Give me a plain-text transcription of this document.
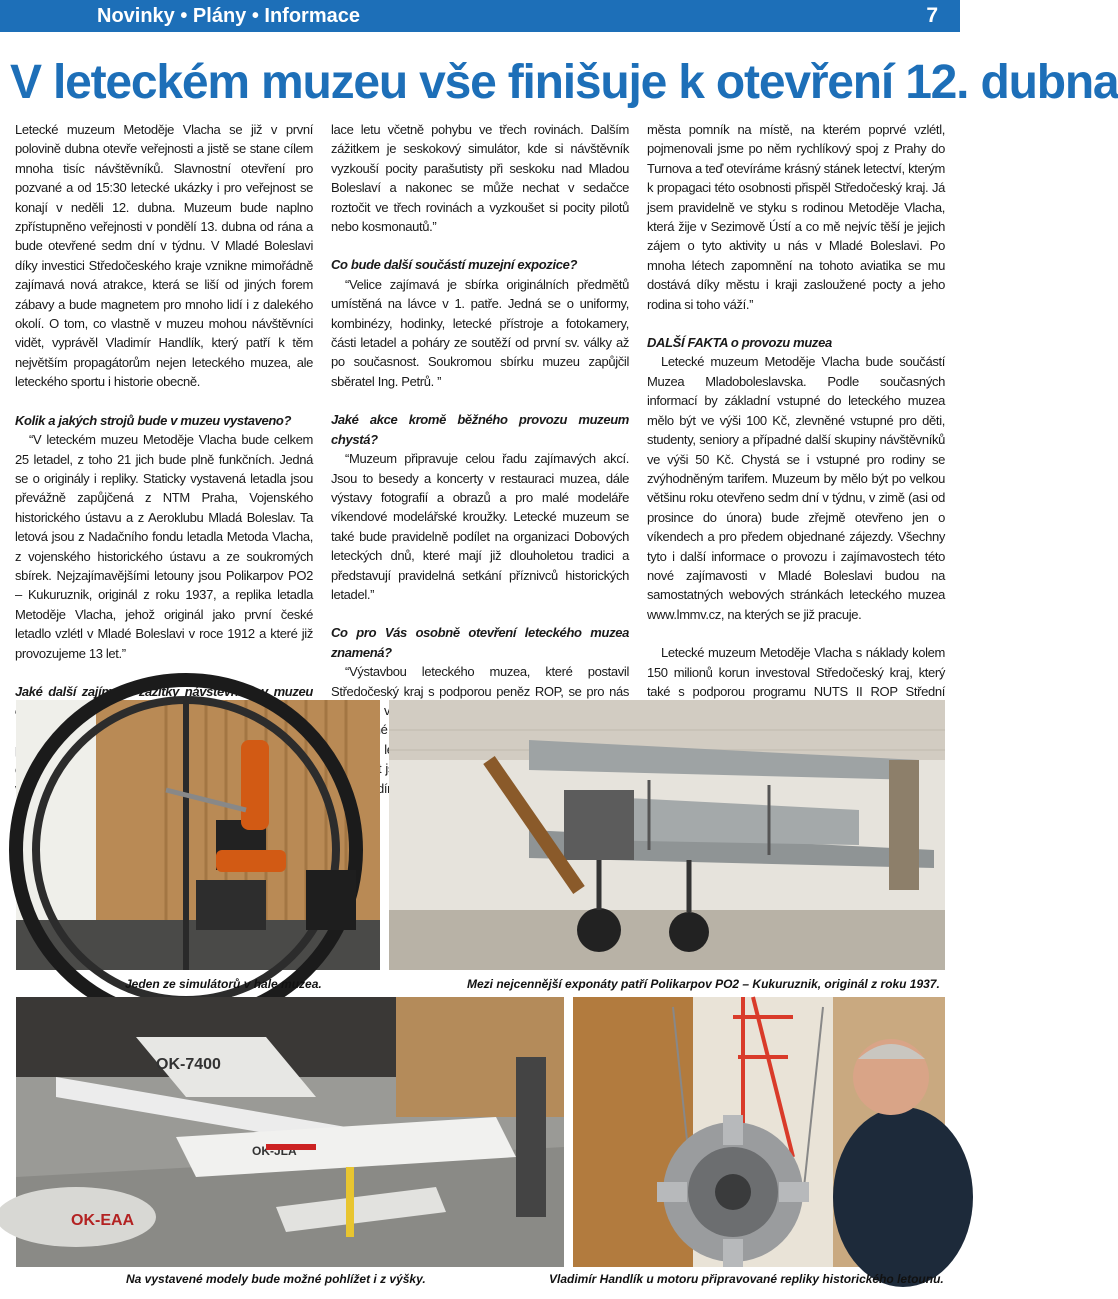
Novinky • Plány • Informace	7
V leteckém muzeu vše finišuje k otevření 12. dubna

Letecké muzeum Metoděje Vlacha se již v první polovině dubna otevře veřejnosti a jistě se stane cílem mnoha tisíc návštěvníků. Slavnostní otevření pro pozvané a od 15:30 letecké ukázky i pro veřejnost se konají v neděli 12. dubna. Muzeum bude naplno zpřístupněno veřejnosti v pondělí 13. dubna od rána a bude otevřené sedm dní v týdnu. V Mladé Boleslavi díky investici Středočeského kraje vznikne mimořádně zajímavá nová atrakce, která se liší od jiných forem zábavy a bude magnetem pro mnoho lidí i z dalekého okolí. O tom, co vlastně v muzeu mohou návštěvníci vidět, vyprávěl Vladimír Handlík, který patří k těm největším propagátorům nejen leteckého muzea, ale leteckého sportu i historie obecně.

Kolik a jakých strojů bude v muzeu vystaveno?

“V leteckém muzeu Metoděje Vlacha bude celkem 25 letadel, z toho 21 jich bude plně funkčních. Jedná se o originály i repliky. Staticky vystavená letadla jsou převážně zapůjčená z NTM Praha, Vojenského historického ústavu a z Aeroklubu Mladá Boleslav. Ta letová jsou z Nadačního fondu letadla Metoda Vlacha, z vojenského historického ústavu a ze soukromých sbírek. Nejzajímavějšími letouny jsou Polikarpov PO2 – Kukuruznik, originál z roku 1937, a replika letadla Metoděje Vlacha, jehož originál jako první české letadlo vzlétl v Mladé Boleslavi v roce 1912 a které již provozujeme 13 let.”

Jaké další zajímavé zážitky návštěvníky v muzeu

lace letu včetně pohybu ve třech rovinách. Dalším zážitkem je seskokový simulátor, kde si návštěvník vyzkouší pocity parašutisty při seskoku nad Mladou Boleslaví a nakonec se může nechat v sedačce roztočit ve třech rovinách a vyzkoušet si pocity pilotů nebo kosmonautů.”

Co bude další součástí muzejní expozice?

“Velice zajímavá je sbírka originálních předmětů umístěná na lávce v 1. patře. Jedná se o uniformy, kombinézy, hodinky, letecké přístroje a fotokamery, části letadel a poháry ze soutěží od první sv. války až po současnost. Soukromou sbírku muzeu zapůjčil sběratel Ing. Petrů. ”

Jaké akce kromě běžného provozu muzeum chystá?

“Muzeum připravuje celou řadu zajímavých akcí. Jsou to besedy a koncerty v restauraci muzea, dále výstavy fotografií a obrazů a pro malé modeláře víkendové modelářské kroužky. Letecké muzeum se také bude pravidelně podílet na organizaci Dobových leteckých dnů, které mají již dlouholetou tradici a představují pravidelná setkání příznivců historických letadel.”

Co pro Vás osobně otevření leteckého muzea znamená?

“Výstavbou leteckého muzea, které postavil Středočeský kraj s podporou peněz ROP, se pro nás

města pomník na místě, na kterém poprvé vzlétl, pojmenovali jsme po něm rychlíkový spoj z Prahy do Turnova a teď otevíráme krásný stánek letectví, kterým k propagaci této osobnosti přispěl Středočeský kraj. Já jsem pravidelně ve styku s rodinou Metoděje Vlacha, která žije v Sezimově Ústí a co mě nejvíc těší je jejich zájem o tyto aktivity u nás v Mladé Boleslavi. Po mnoha létech zapomnění na tohoto aviatika se mu dostává díky městu i kraji zasloužené pocty a jeho rodina si toho váží.”

DALŠÍ FAKTA o provozu muzea

Letecké muzeum Metoděje Vlacha bude součástí Muzea Mladoboleslavska. Podle současných informací by základní vstupné do leteckého muzea mělo být ve výši 100 Kč, zlevněné vstupné pro děti, studenty, seniory a případné další skupiny návštěvníků ve výši 50 Kč. Chystá se i vstupné pro rodiny se zvýhodněným tarifem. Muzeum by mělo být po velkou většinu roku otevřeno sedm dní v týdnu, v zimě (asi od prosince do února) bude zřejmě otevřeno jen o víkendech a pro předem objednané zájezdy. Všechny tyto i další informace o provozu i zajímavostech této nové zajímavosti v Mladé Boleslavi budou na samostatných webových stránkách leteckého muzea www.lmmv.cz, na kterých se již pracuje.

Letecké muzeum Metoděje Vlacha s náklady kolem 150 milionů korun investoval Středočeský kraj, který také s podporou programu NUTS II ROP Střední

Jeden ze simulátorů v hale muzea.	Mezi nejcennější exponáty patří Polikarpov PO2 – Kukuruznik, originál z roku 1937.
OK-EAA
OK-7400
OK-JLA
Na vystavené modely bude možné pohlížet i z výšky.	Vladimír Handlík u motoru připravované repliky historického letounu.
